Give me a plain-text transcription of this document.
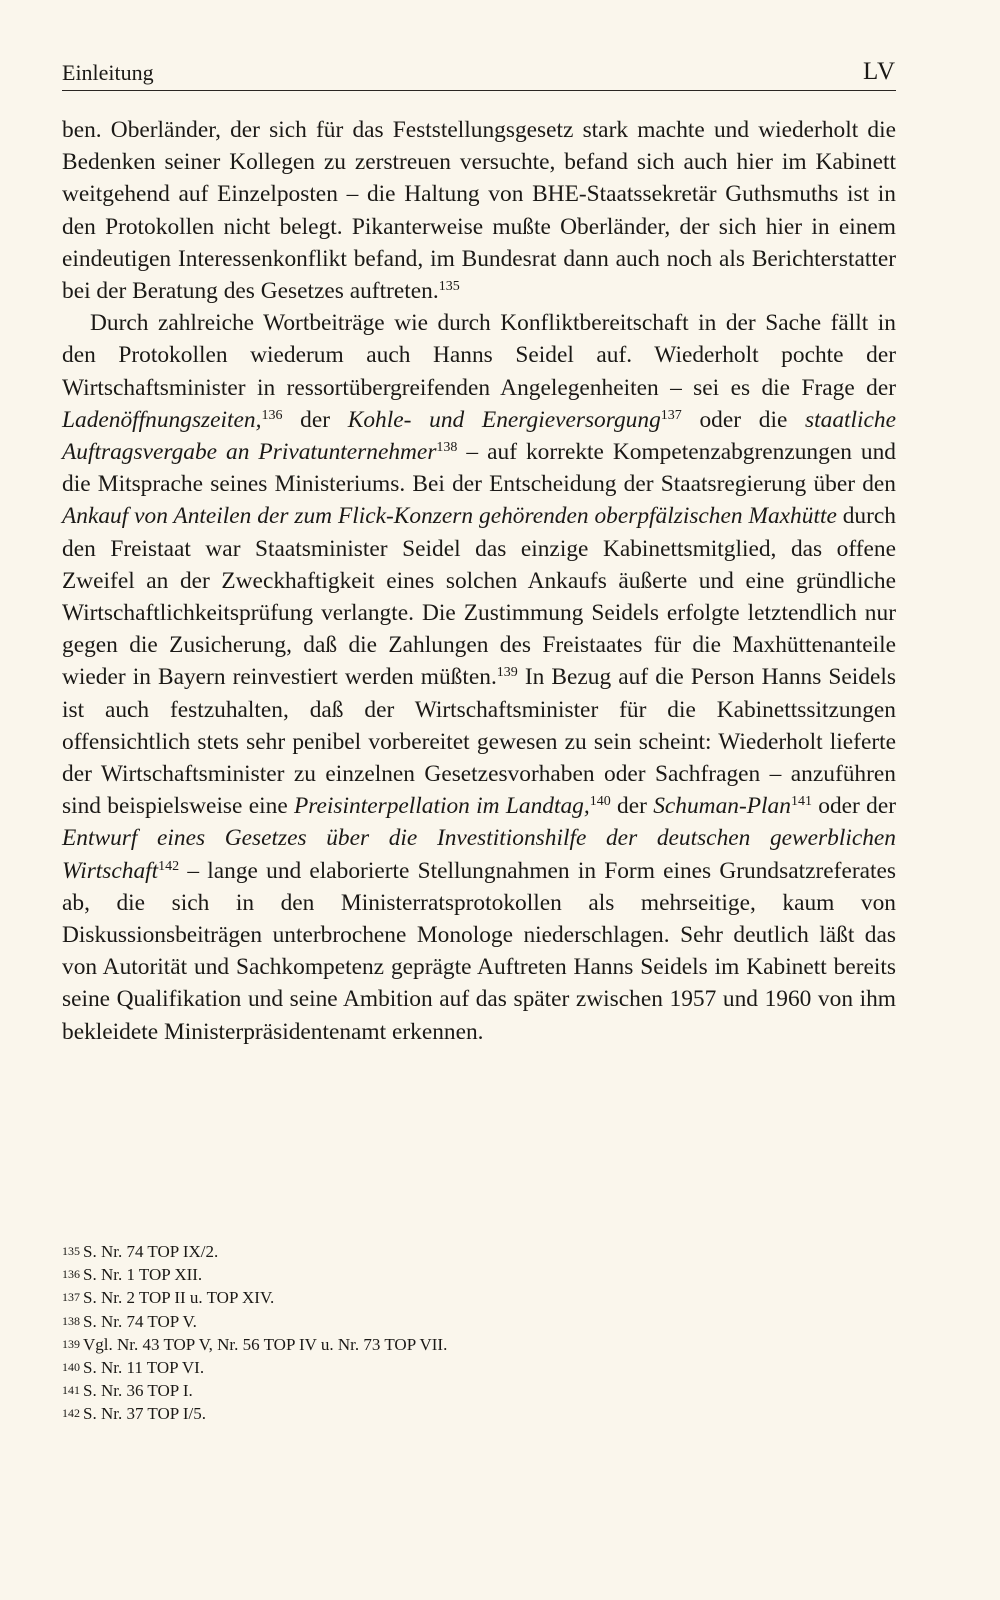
Einleitung	LV

ben. Oberländer, der sich für das Feststellungsgesetz stark machte und wiederholt die Bedenken seiner Kollegen zu zerstreuen versuchte, befand sich auch hier im Kabinett weitgehend auf Einzelposten – die Haltung von BHE-Staatssekretär Guthsmuths ist in den Protokollen nicht belegt. Pikanterweise mußte Oberländer, der sich hier in einem eindeutigen Interessenkonflikt befand, im Bundesrat dann auch noch als Berichterstatter bei der Beratung des Gesetzes auftreten.$^{135}$

Durch zahlreiche Wortbeiträge wie durch Konfliktbereitschaft in der Sache fällt in den Protokollen wiederum auch Hanns Seidel auf. Wiederholt pochte der Wirtschaftsminister in ressortübergreifenden Angelegenheiten – sei es die Frage der Ladenöffnungszeiten,$^{136}$ der Kohle- und Energieversorgung$^{137}$ oder die staatliche Auftragsvergabe an Privatunternehmer$^{138}$ – auf korrekte Kompetenzabgrenzungen und die Mitsprache seines Ministeriums. Bei der Entscheidung der Staatsregierung über den Ankauf von Anteilen der zum Flick-Konzern gehörenden oberpfälzischen Maxhütte durch den Freistaat war Staatsminister Seidel das einzige Kabinettsmitglied, das offene Zweifel an der Zweckhaftigkeit eines solchen Ankaufs äußerte und eine gründliche Wirtschaftlichkeitsprüfung verlangte. Die Zustimmung Seidels erfolgte letztendlich nur gegen die Zusicherung, daß die Zahlungen des Freistaates für die Maxhüttenanteile wieder in Bayern reinvestiert werden müßten.$^{139}$ In Bezug auf die Person Hanns Seidels ist auch festzuhalten, daß der Wirtschaftsminister für die Kabinettssitzungen offensichtlich stets sehr penibel vorbereitet gewesen zu sein scheint: Wiederholt lieferte der Wirtschaftsminister zu einzelnen Gesetzesvorhaben oder Sachfragen – anzuführen sind beispielsweise eine Preisinterpellation im Landtag,$^{140}$ der Schuman-Plan$^{141}$ oder der Entwurf eines Gesetzes über die Investitionshilfe der deutschen gewerblichen Wirtschaft$^{142}$ – lange und elaborierte Stellungnahmen in Form eines Grundsatzreferates ab, die sich in den Ministerratsprotokollen als mehrseitige, kaum von Diskussionsbeiträgen unterbrochene Monologe niederschlagen. Sehr deutlich läßt das von Autorität und Sachkompetenz geprägte Auftreten Hanns Seidels im Kabinett bereits seine Qualifikation und seine Ambition auf das später zwischen 1957 und 1960 von ihm bekleidete Ministerpräsidentenamt erkennen.

135 S. Nr. 74 TOP IX/2.
136 S. Nr. 1 TOP XII.
137 S. Nr. 2 TOP II u. TOP XIV.
138 S. Nr. 74 TOP V.
139 Vgl. Nr. 43 TOP V, Nr. 56 TOP IV u. Nr. 73 TOP VII.
140 S. Nr. 11 TOP VI.
141 S. Nr. 36 TOP I.
142 S. Nr. 37 TOP I/5.
